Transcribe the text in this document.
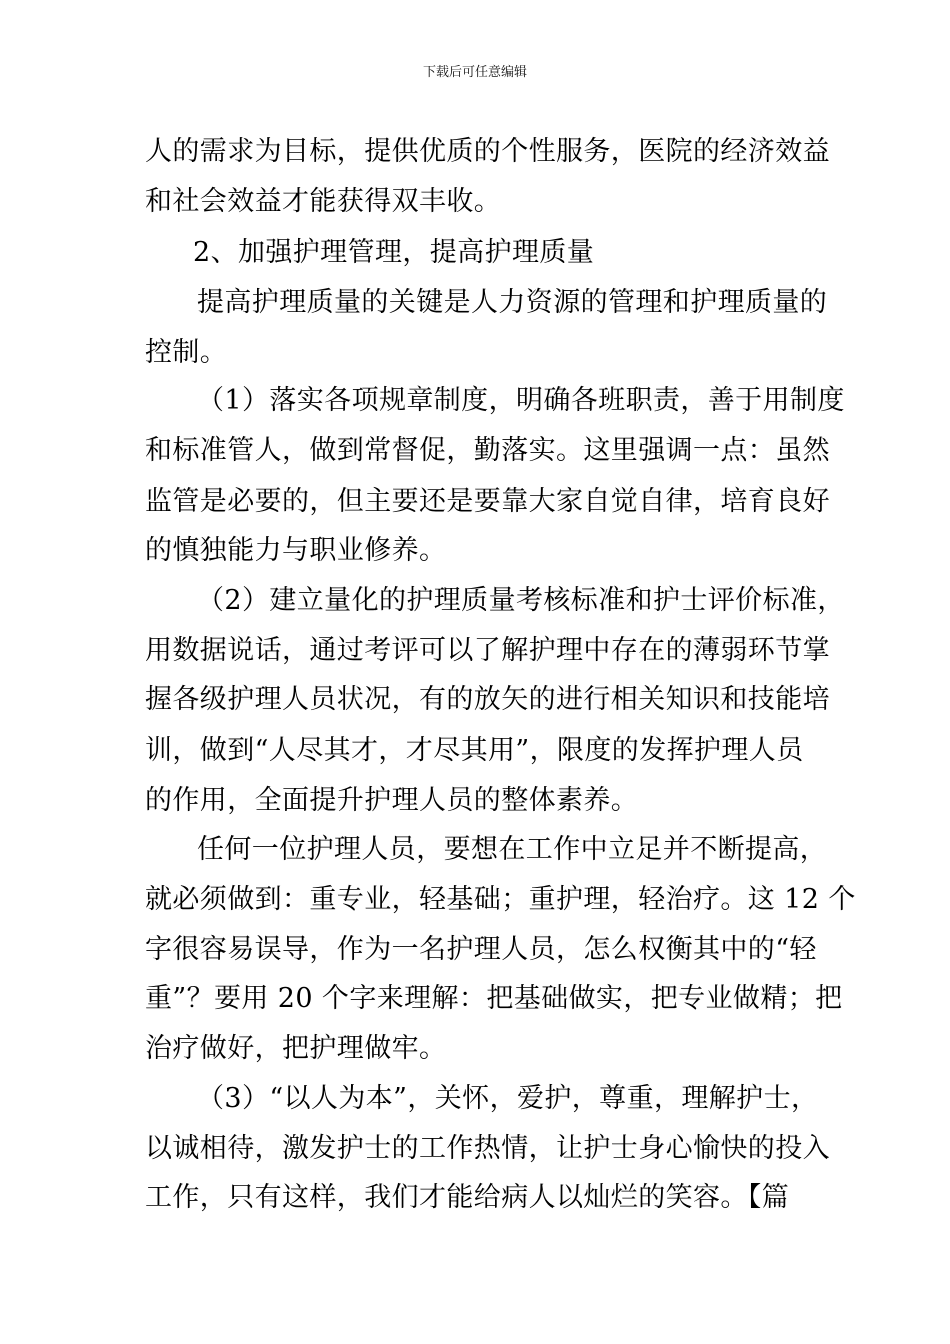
下载后可任意编辑
人的需求为目标，提供优质的个性服务，医院的经济效益
和社会效益才能获得双丰收。
2、加强护理管理，提高护理质量
提高护理质量的关键是人力资源的管理和护理质量的
控制。
（1）落实各项规章制度，明确各班职责，善于用制度
和标准管人，做到常督促，勤落实。这里强调一点：虽然
监管是必要的，但主要还是要靠大家自觉自律，培育良好
的慎独能力与职业修养。
（2）建立量化的护理质量考核标准和护士评价标准，
用数据说话，通过考评可以了解护理中存在的薄弱环节掌
握各级护理人员状况，有的放矢的进行相关知识和技能培
训，做到“人尽其才，才尽其用”，限度的发挥护理人员
的作用，全面提升护理人员的整体素养。
任何一位护理人员，要想在工作中立足并不断提高，
就必须做到：重专业，轻基础；重护理，轻治疗。这 12 个
字很容易误导，作为一名护理人员，怎么权衡其中的“轻
重”？要用 20 个字来理解：把基础做实，把专业做精；把
治疗做好，把护理做牢。
（3）“以人为本”，关怀，爱护，尊重，理解护士，
以诚相待，激发护士的工作热情，让护士身心愉快的投入
工作，只有这样，我们才能给病人以灿烂的笑容。【篇
